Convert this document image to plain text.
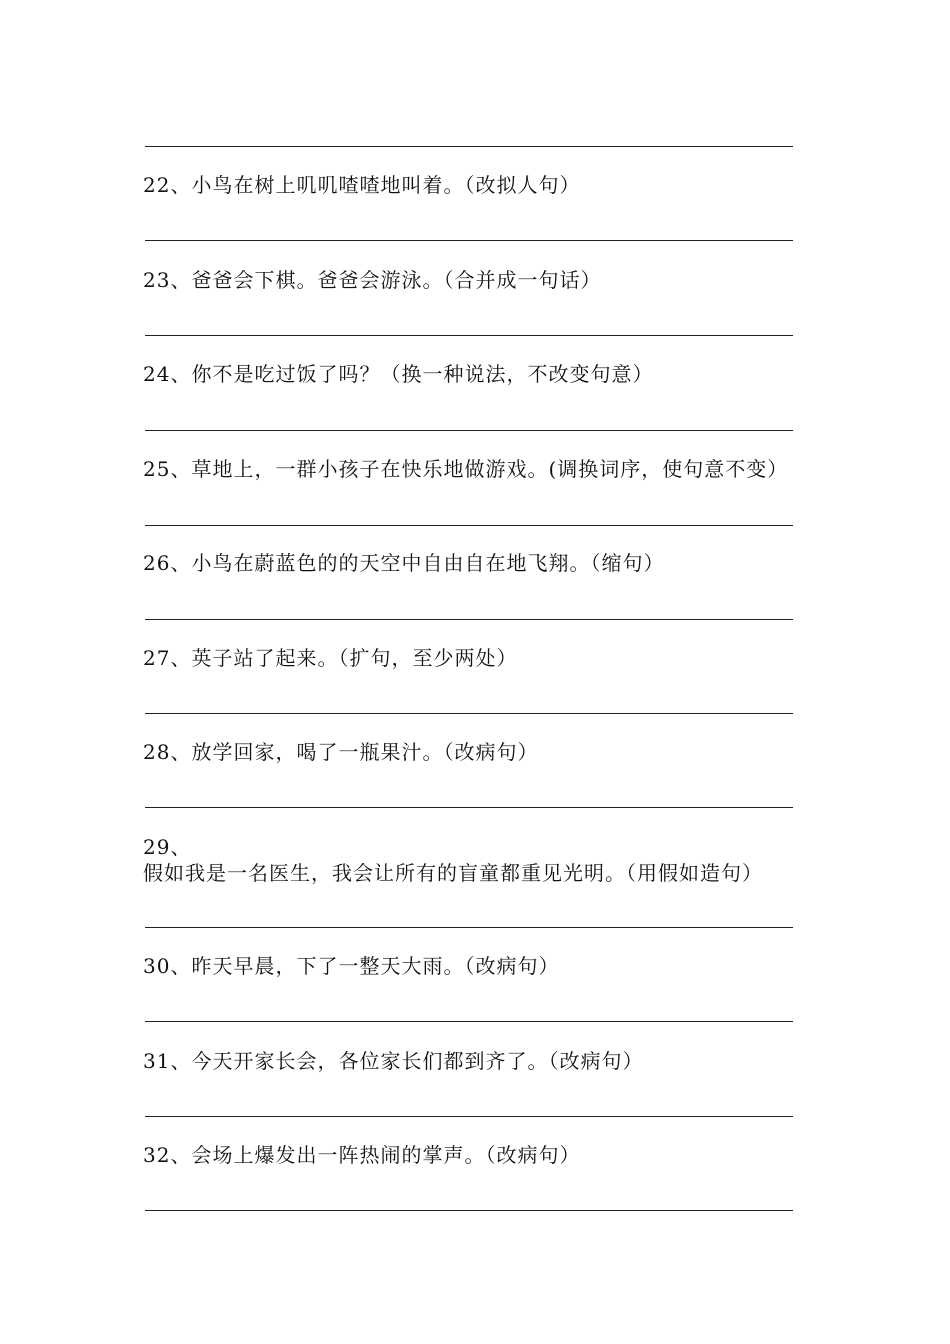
22、小鸟在树上叽叽喳喳地叫着。（改拟人句）
23、爸爸会下棋。爸爸会游泳。（合并成一句话）
24、你不是吃过饭了吗？（换一种说法，不改变句意）
25、草地上，一群小孩子在快乐地做游戏。(调换词序，使句意不变）
26、小鸟在蔚蓝色的的天空中自由自在地飞翔。（缩句）
27、英子站了起来。（扩句，至少两处）
28、放学回家，喝了一瓶果汁。（改病句）
29、假如我是一名医生，我会让所有的盲童都重见光明。（用假如造句）
30、昨天早晨，下了一整天大雨。（改病句）
31、今天开家长会，各位家长们都到齐了。（改病句）
32、会场上爆发出一阵热闹的掌声。（改病句）
